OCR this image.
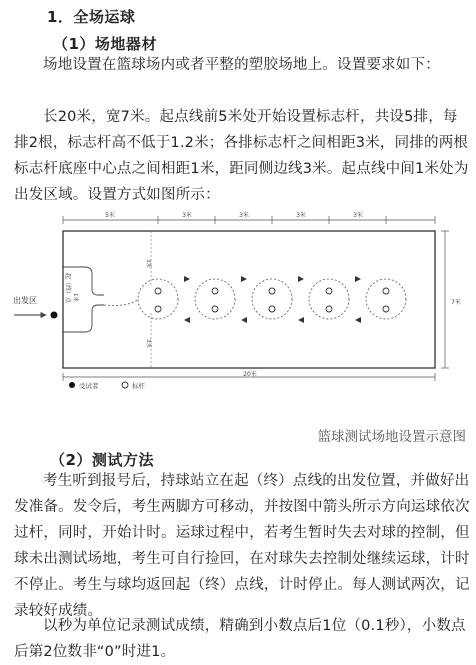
1．全场运球
（1）场地器材
场地设置在篮球场内或者平整的塑胶场地上。设置要求如下：
长20米，宽7米。起点线前5米处开始设置标志杆，共设5排，每排2根，标志杆高不低于1.2米；各排标志杆之间相距3米，同排的两根标志杆底座中心点之间相距1米，距同侧边线3米。起点线中间1米处为出发区域。设置方式如图所示：
5米	3米	3米	3米	3米
20米
7米
3米
3米
起（终）点 1米
出发区
受试者	标杆
篮球测试场地设置示意图
（2）测试方法
考生听到报号后，持球站立在起（终）点线的出发位置，并做好出发准备。发令后，考生两脚方可移动，并按图中箭头所示方向运球依次过杆，同时，开始计时。运球过程中，若考生暂时失去对球的控制，但球未出测试场地，考生可自行捡回，在对球失去控制处继续运球，计时不停止。考生与球均返回起（终）点线，计时停止。每人测试两次，记录较好成绩。
以秒为单位记录测试成绩，精确到小数点后1位（0.1秒），小数点后第2位数非“0”时进1。
